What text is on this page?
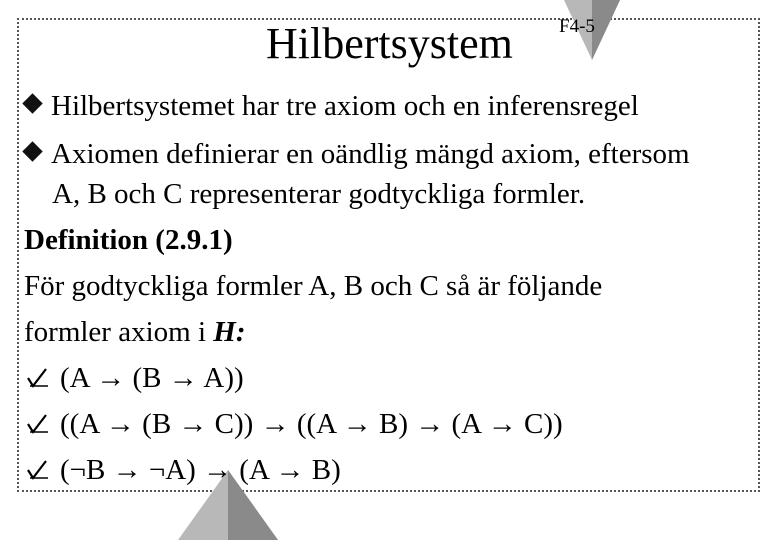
Hilbertsystem F4-5
Hilbertsystemet har tre axiom och en inferensregel
Axiomen definierar en oändlig mängd axiom, eftersom
A, B och C representerar godtyckliga formler.
Definition (2.9.1)
För godtyckliga formler A, B och C så är följande
formler axiom i H:
(A → (B → A))
((A → (B → C)) → ((A → B) → (A → C))
(¬B → ¬A) → (A → B)
